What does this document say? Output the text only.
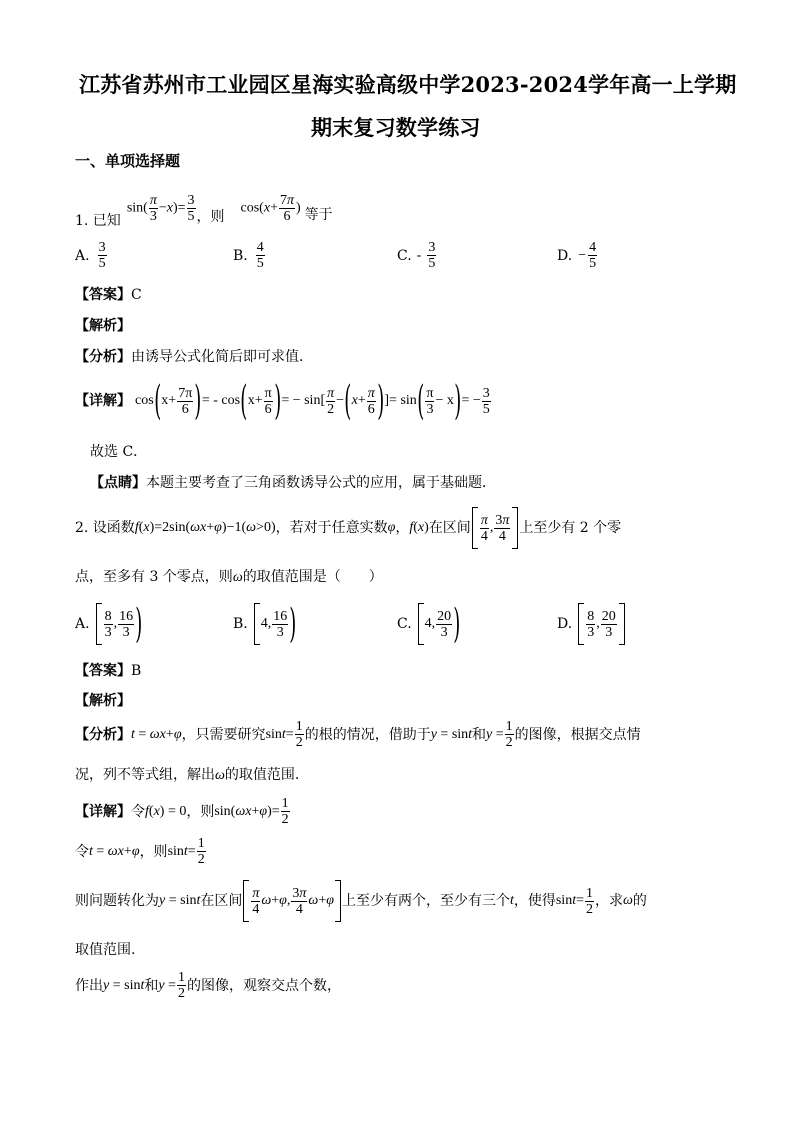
江苏省苏州市工业园区星海实验高级中学2023-2024学年高一上学期
期末复习数学练习
一、单项选择题
1. 已知
$\sin( \frac{\pi}{3} -x)= \frac{3}{5}$ ，则
$\cos(x+ \frac{7\pi}{6}$ ) 等于
A. $\frac{3}{5}$	B. $\frac{4}{5}$	C. - $\frac{3}{5}$	D. − $\frac{4}{5}$
【答案】C
【解析】
【分析】由诱导公式化简后即可求值．
【详解】 cos ( $x+ \frac{7\pi}{6}$ ) = - cos ( $x+ \frac{\pi}{6}$ ) = − $\sin[ \frac{\pi}{2}$ − ( $x + \frac{\pi}{6}$ ) ]= sin ( $\frac{\pi}{3} - x$ ) = − $\frac{3}{5}$
故选 C．
【点睛】本题主要考查了三角函数诱导公式的应用，属于基础题．
2. 设函数 f(x)=2sin(ωx+φ)−1(ω>0) ，若对于任意实数 φ ， f(x) 在区间 $\frac{\pi}{4}$ , $\frac{3\pi}{4}$ 上至少有 2 个零
点，至多有 3 个零点，则ω的取值范围是（　　）
A. $\frac{8}{3}$ , $\frac{16}{3}$ )	B. 4, $\frac{16}{3}$ )	C. 4, $\frac{20}{3}$ )	D. $\frac{8}{3}$ , $\frac{20}{3}$
【答案】B
【解析】
【分析】 t = ωx+φ ，只需要研究 $\sin t= \frac{1}{2}$ 的根的情况，借助于 y = sint 和 $y = \frac{1}{2}$ 的图像，根据交点情
况，列不等式组，解出ω的取值范围.
【详解】 令 f(x) = 0 ，则 $\sin(\omega x+\varphi)= \frac{1}{2}$
令 t = ωx+φ ，则 $\sin t= \frac{1}{2}$
则问题转化为 y = sint 在区间 $\frac{\pi}{4}$ ω +φ, $\frac{3\pi}{4} \omega+\varphi$ 上至少有两个，至少有三个 t ，使得 $\sin t= \frac{1}{2}$ ，求 ω 的
取值范围.
作出 y = sint 和 $y = \frac{1}{2}$ 的图像，观察交点个数，
